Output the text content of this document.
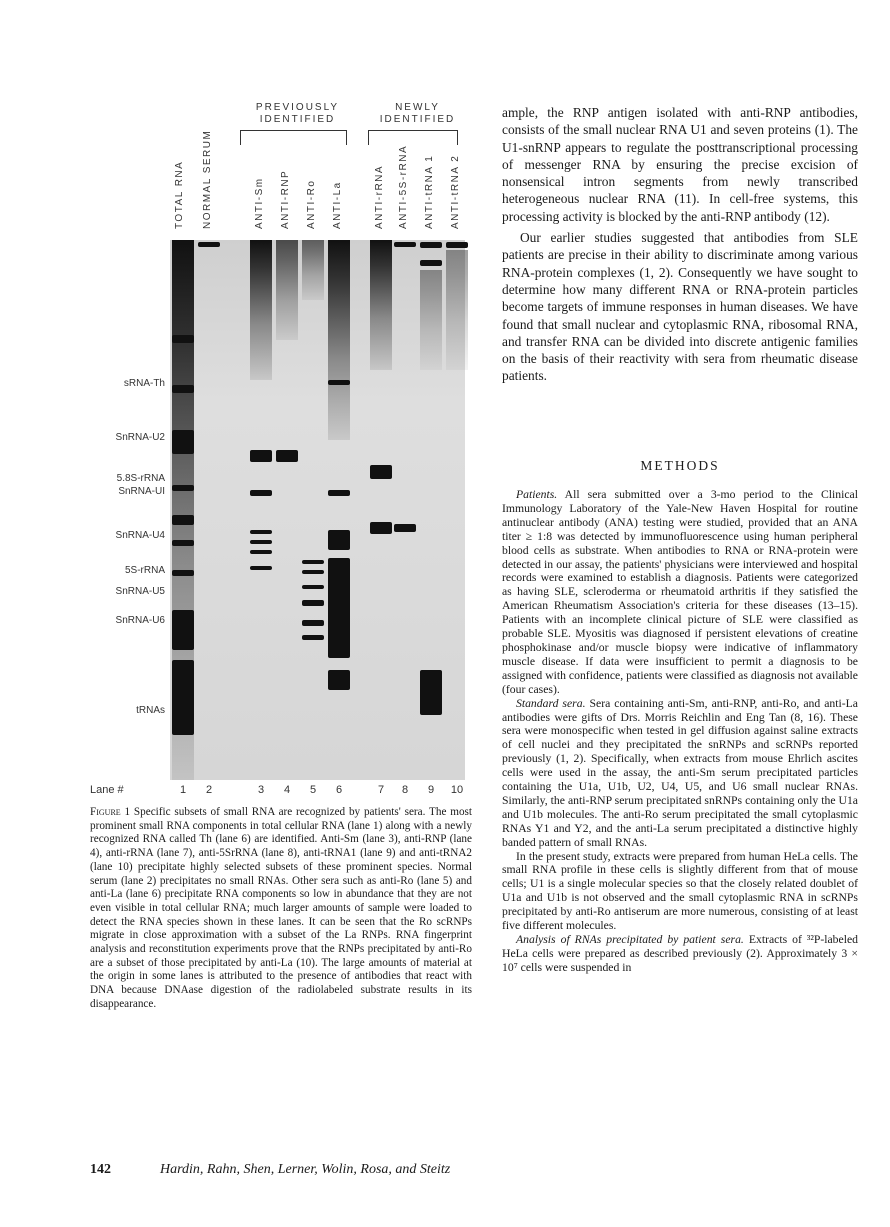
PREVIOUSLY IDENTIFIED
NEWLY IDENTIFIED
TOTAL RNA NORMAL SERUM	ANTI-Sm ANTI-RNP ANTI-Ro ANTI-La	ANTI-rRNA ANTI-5S-rRNA ANTI-tRNA 1 ANTI-tRNA 2
sRNA-Th
SnRNA-U2
5.8S-rRNA
SnRNA-UI
SnRNA-U4
5S-rRNA
SnRNA-U5
SnRNA-U6
tRNAs
Lane #	1	2	3	4	5	6	7	8	9	10
Figure 1 Specific subsets of small RNA are recognized by patients' sera. The most prominent small RNA components in total cellular RNA (lane 1) along with a newly recognized RNA called Th (lane 6) are identified. Anti-Sm (lane 3), anti-RNP (lane 4), anti-rRNA (lane 7), anti-5SrRNA (lane 8), anti-tRNA1 (lane 9) and anti-tRNA2 (lane 10) precipitate highly selected subsets of these prominent species. Normal serum (lane 2) precipitates no small RNAs. Other sera such as anti-Ro (lane 5) and anti-La (lane 6) precipitate RNA components so low in abundance that they are not even visible in total cellular RNA; much larger amounts of sample were loaded to detect the RNA species shown in these lanes. It can be seen that the Ro scRNPs migrate in close approximation with a subset of the La RNPs. RNA fingerprint analysis and reconstitution experiments prove that the RNPs precipitated by anti-Ro are a subset of those precipitated by anti-La (10). The large amounts of material at the origin in some lanes is attributed to the presence of antibodies that react with DNA because DNAase digestion of the radiolabeled substrate results in its disappearance.

ample, the RNP antigen isolated with anti-RNP antibodies, consists of the small nuclear RNA U1 and seven proteins (1). The U1-snRNP appears to regulate the posttranscriptional processing of messenger RNA by ensuring the precise excision of nonsensical intron segments from newly transcribed heterogeneous nuclear RNA (11). In cell-free systems, this processing activity is blocked by the anti-RNP antibody (12).

Our earlier studies suggested that antibodies from SLE patients are precise in their ability to discriminate among various RNA-protein complexes (1, 2). Consequently we have sought to determine how many different RNA or RNA-protein particles become targets of immune responses in human diseases. We have found that small nuclear and cytoplasmic RNA, ribosomal RNA, and transfer RNA can be divided into discrete antigenic families on the basis of their reactivity with sera from rheumatic disease patients.

METHODS

Patients. All sera submitted over a 3-mo period to the Clinical Immunology Laboratory of the Yale-New Haven Hospital for routine antinuclear antibody (ANA) testing were studied, provided that an ANA titer ≥ 1:8 was detected by immunofluorescence using human peripheral blood cells as substrate. When antibodies to RNA or RNA-protein were detected in our assay, the patients' physicians were interviewed and hospital records were examined to establish a diagnosis. Patients were categorized as having SLE, scleroderma or rheumatoid arthritis if they satisfied the American Rheumatism Association's criteria for these diseases (13–15). Patients with an incomplete clinical picture of SLE were classified as probable SLE. Myositis was diagnosed if persistent elevations of creatine phosphokinase and/or muscle biopsy were indicative of inflammatory muscle disease. If data were insufficient to permit a diagnosis to be assigned with confidence, patients were classified as diagnosis not available (four cases).

Standard sera. Sera containing anti-Sm, anti-RNP, anti-Ro, and anti-La antibodies were gifts of Drs. Morris Reichlin and Eng Tan (8, 16). These sera were monospecific when tested in gel diffusion against saline extracts of cell nuclei and they precipitated the snRNPs and scRNPs reported previously (1, 2). Specifically, when extracts from mouse Ehrlich ascites cells were used in the assay, the anti-Sm serum precipitated particles containing the U1a, U1b, U2, U4, U5, and U6 small nuclear RNAs. Similarly, the anti-RNP serum precipitated snRNPs containing only the U1a and U1b molecules. The anti-Ro serum precipitated the small cytoplasmic RNAs Y1 and Y2, and the anti-La serum precipitated a distinctive highly banded pattern of small RNAs.

In the present study, extracts were prepared from human HeLa cells. The small RNA profile in these cells is slightly different from that of mouse cells; U1 is a single molecular species so that the closely related doublet of U1a and U1b is not observed and the small cytoplasmic RNA in scRNPs precipitated by anti-Ro antiserum are more numerous, consisting of at least five different molecules.

Analysis of RNAs precipitated by patient sera. Extracts of ³²P-labeled HeLa cells were prepared as described previously (2). Approximately 3 × 10⁷ cells were suspended in

142	Hardin, Rahn, Shen, Lerner, Wolin, Rosa, and Steitz
